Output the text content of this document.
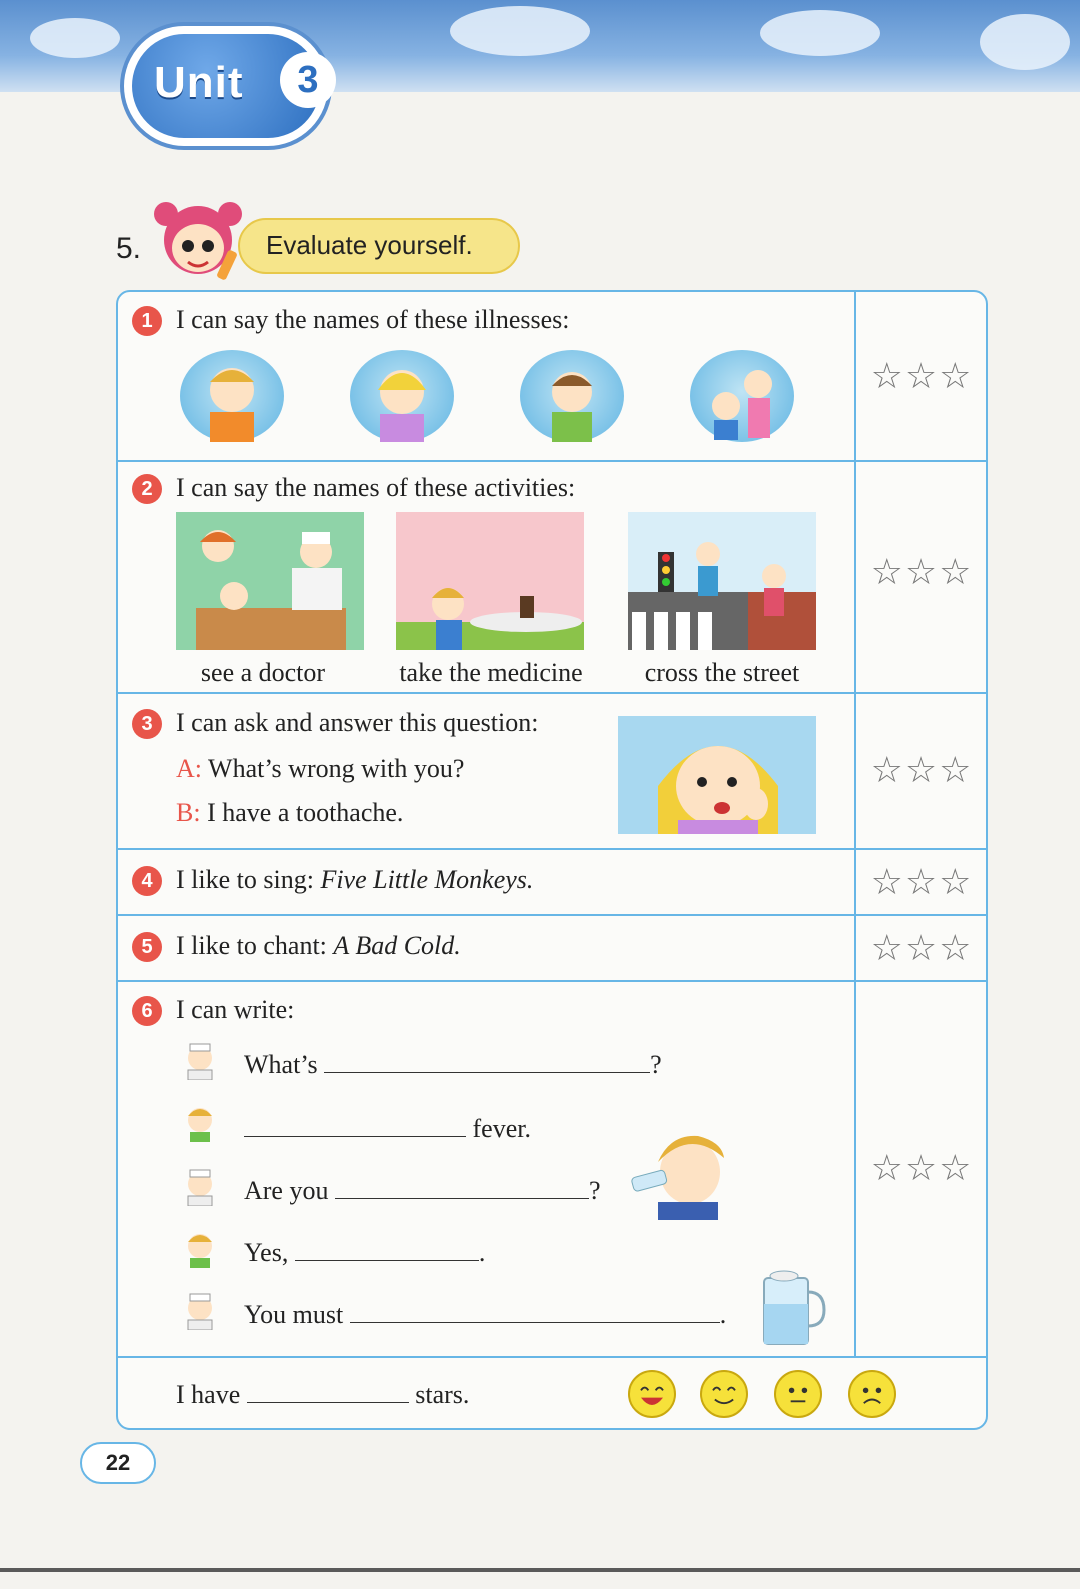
Unit	3
5.	Evaluate yourself.
1 I can say the names of these illnesses:
☆☆☆
2 I can say the names of these activities:
see a doctor	take the medicine	cross the street
☆☆☆
3 I can ask and answer this question:
A: What’s wrong with you?
B: I have a toothache.
☆☆☆
4 I like to sing: Five Little Monkeys.	☆☆☆
5 I like to chant: A Bad Cold.	☆☆☆
6 I can write:
What’s	?
fever.
Are you	?
Yes,	.
You must	.
☆☆☆
I have	stars.
22
